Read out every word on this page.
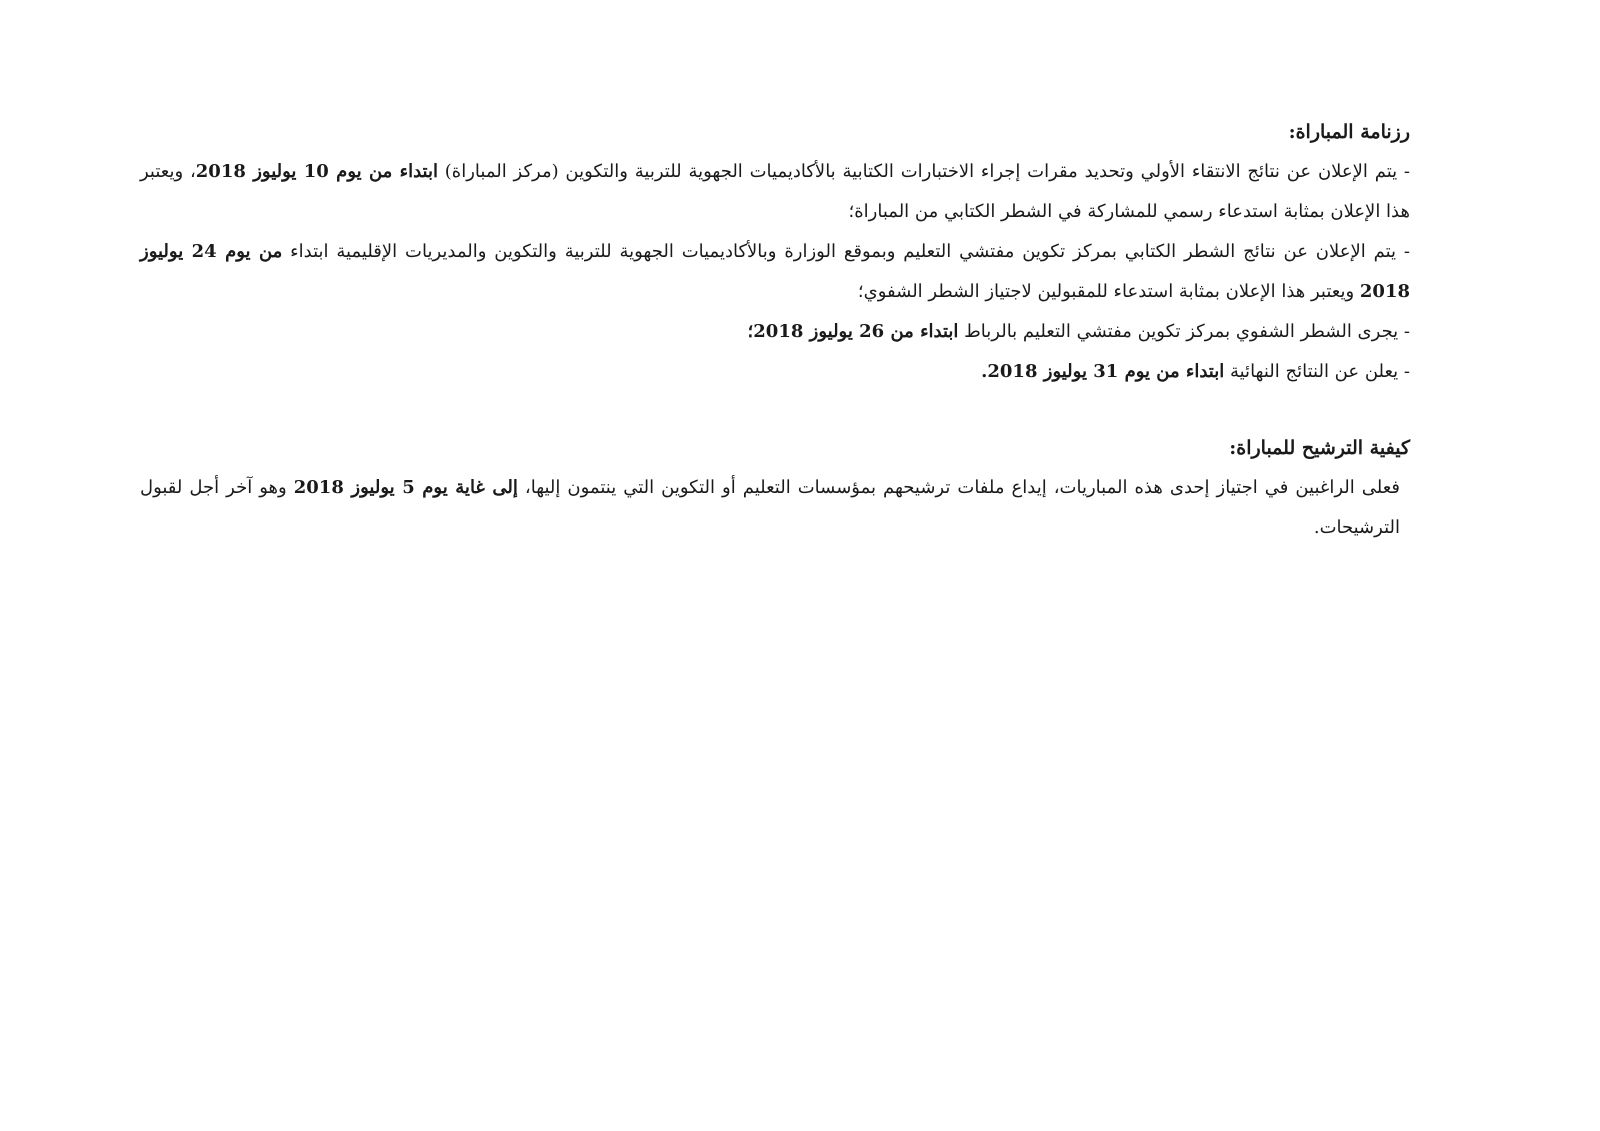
رزنامة المباراة:
- يتم الإعلان عن نتائج الانتقاء الأولي وتحديد مقرات إجراء الاختبارات الكتابية بالأكاديميات الجهوية للتربية والتكوين (مركز المباراة) ابتداء من يوم 10 يوليوز 2018، ويعتبر هذا الإعلان بمثابة استدعاء رسمي للمشاركة في الشطر الكتابي من المباراة؛
- يتم الإعلان عن نتائج الشطر الكتابي بمركز تكوين مفتشي التعليم وبموقع الوزارة وبالأكاديميات الجهوية للتربية والتكوين والمديريات الإقليمية ابتداء من يوم 24 يوليوز 2018 ويعتبر هذا الإعلان بمثابة استدعاء للمقبولين لاجتياز الشطر الشفوي؛
- يجرى الشطر الشفوي بمركز تكوين مفتشي التعليم بالرباط ابتداء من 26 يوليوز 2018؛
- يعلن عن النتائج النهائية ابتداء من يوم 31 يوليوز 2018.
كيفية الترشيح للمباراة:
فعلى الراغبين في اجتياز إحدى هذه المباريات، إيداع ملفات ترشيحهم بمؤسسات التعليم أو التكوين التي ينتمون إليها، إلى غاية يوم 5 يوليوز 2018 وهو آخر أجل لقبول الترشيحات.
